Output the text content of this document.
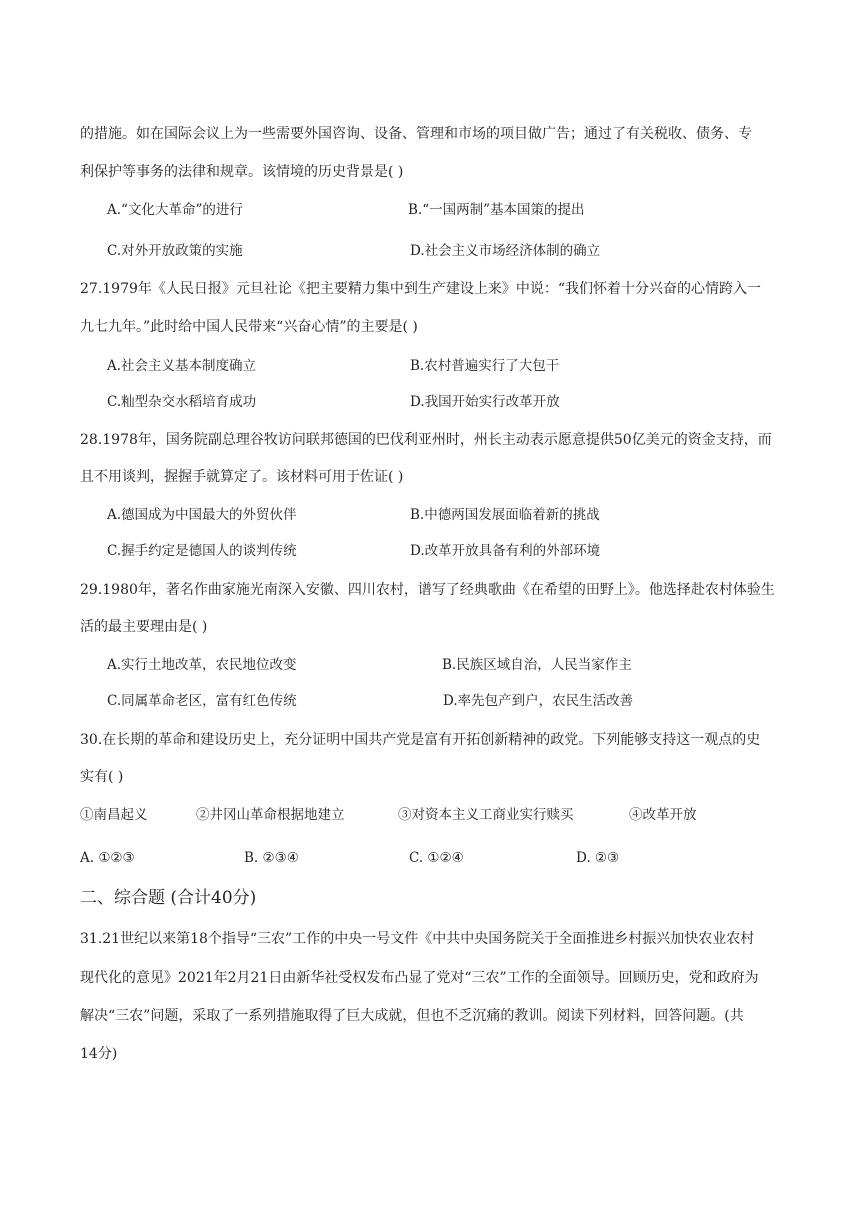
的措施。如在国际会议上为一些需要外国咨询、设备、管理和市场的项目做广告；通过了有关税收、债务、专
利保护等事务的法律和规章。该情境的历史背景是( )
A.“文化大革命”的进行	B.“一国两制”基本国策的提出
C.对外开放政策的实施	D.社会主义市场经济体制的确立
27.1979年《人民日报》元旦社论《把主要精力集中到生产建设上来》中说：“我们怀着十分兴奋的心情跨入一
九七九年。”此时给中国人民带来“兴奋心情”的主要是( )
A.社会主义基本制度确立	B.农村普遍实行了大包干
C.籼型杂交水稻培育成功	D.我国开始实行改革开放
28.1978年，国务院副总理谷牧访问联邦德国的巴伐利亚州时，州长主动表示愿意提供50亿美元的资金支持，而
且不用谈判，握握手就算定了。该材料可用于佐证( )
A.德国成为中国最大的外贸伙伴	B.中德两国发展面临着新的挑战
C.握手约定是德国人的谈判传统	D.改革开放具备有利的外部环境
29.1980年，著名作曲家施光南深入安徽、四川农村，谱写了经典歌曲《在希望的田野上》。他选择赴农村体验生
活的最主要理由是( )
A.实行土地改革，农民地位改变	B.民族区域自治，人民当家作主
C.同属革命老区，富有红色传统	D.率先包产到户，农民生活改善
30.在长期的革命和建设历史上，充分证明中国共产党是富有开拓创新精神的政党。下列能够支持这一观点的史
实有( )
①南昌起义	②井冈山革命根据地建立	③对资本主义工商业实行赎买	④改革开放
A. ①②③	B. ②③④	C. ①②④	D. ②③
二、综合题 (合计40分)
31.21世纪以来第18个指导“三农”工作的中央一号文件《中共中央国务院关于全面推进乡村振兴加快农业农村
现代化的意见》2021年2月21日由新华社受权发布凸显了党对“三农”工作的全面领导。回顾历史，党和政府为
解决“三农”问题，采取了一系列措施取得了巨大成就，但也不乏沉痛的教训。阅读下列材料，回答问题。(共
14分)
